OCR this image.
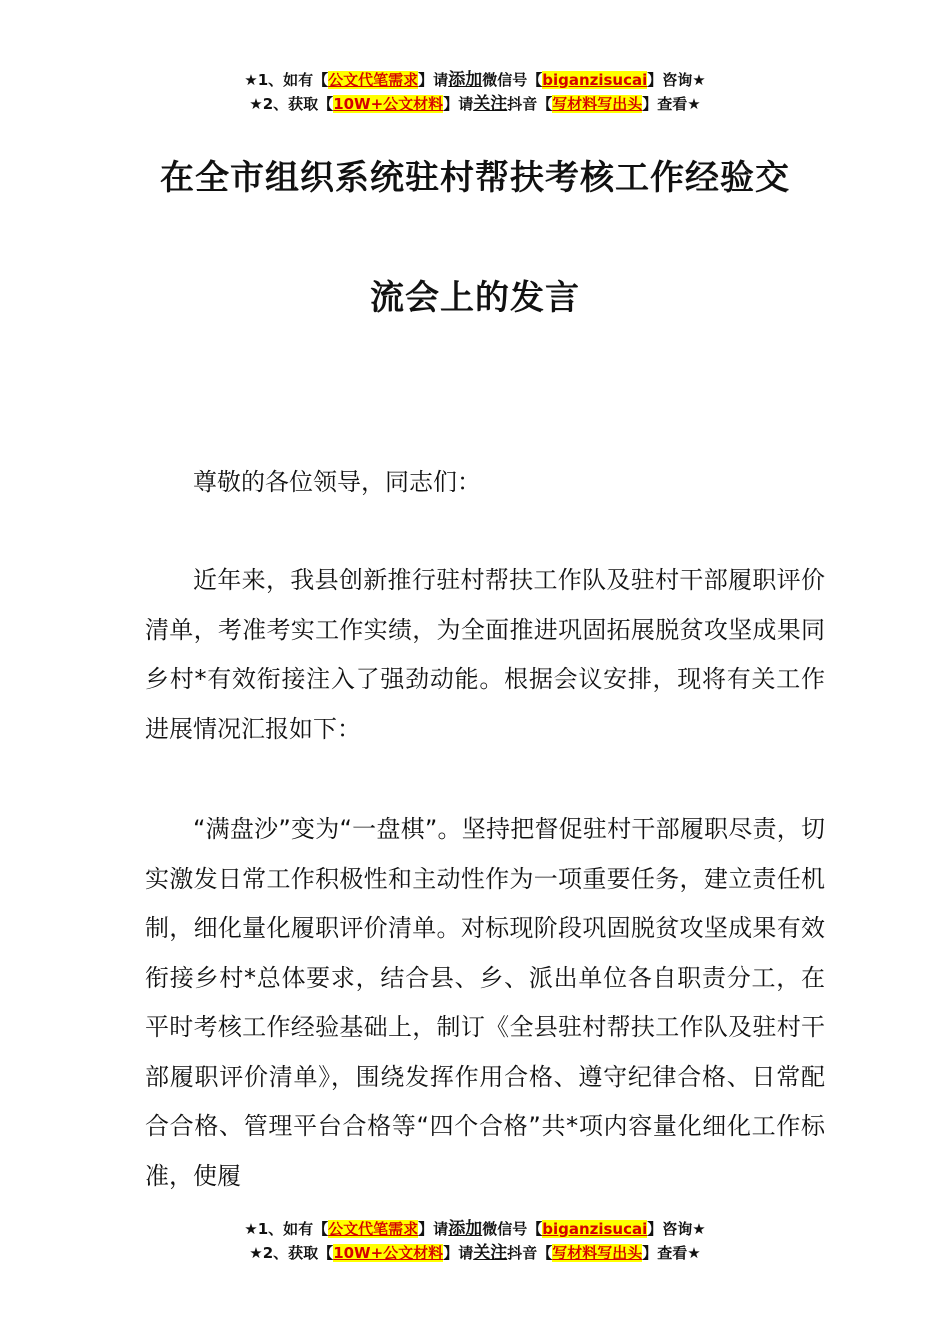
★1、如有【公文代笔需求】请添加微信号【biganzisucai】咨询★
★2、获取【10W+公文材料】请关注抖音【写材料写出头】查看★
在全市组织系统驻村帮扶考核工作经验交
流会上的发言

尊敬的各位领导，同志们：

近年来，我县创新推行驻村帮扶工作队及驻村干部履职评价清单，考准考实工作实绩，为全面推进巩固拓展脱贫攻坚成果同乡村*有效衔接注入了强劲动能。根据会议安排，现将有关工作进展情况汇报如下：

“满盘沙”变为“一盘棋”。坚持把督促驻村干部履职尽责，切实激发日常工作积极性和主动性作为一项重要任务，建立责任机制，细化量化履职评价清单。对标现阶段巩固脱贫攻坚成果有效衔接乡村*总体要求，结合县、乡、派出单位各自职责分工，在平时考核工作经验基础上，制订《全县驻村帮扶工作队及驻村干部履职评价清单》，围绕发挥作用合格、遵守纪律合格、日常配合合格、管理平台合格等“四个合格”共*项内容量化细化工作标准，使履

★1、如有【公文代笔需求】请添加微信号【biganzisucai】咨询★
★2、获取【10W+公文材料】请关注抖音【写材料写出头】查看★
